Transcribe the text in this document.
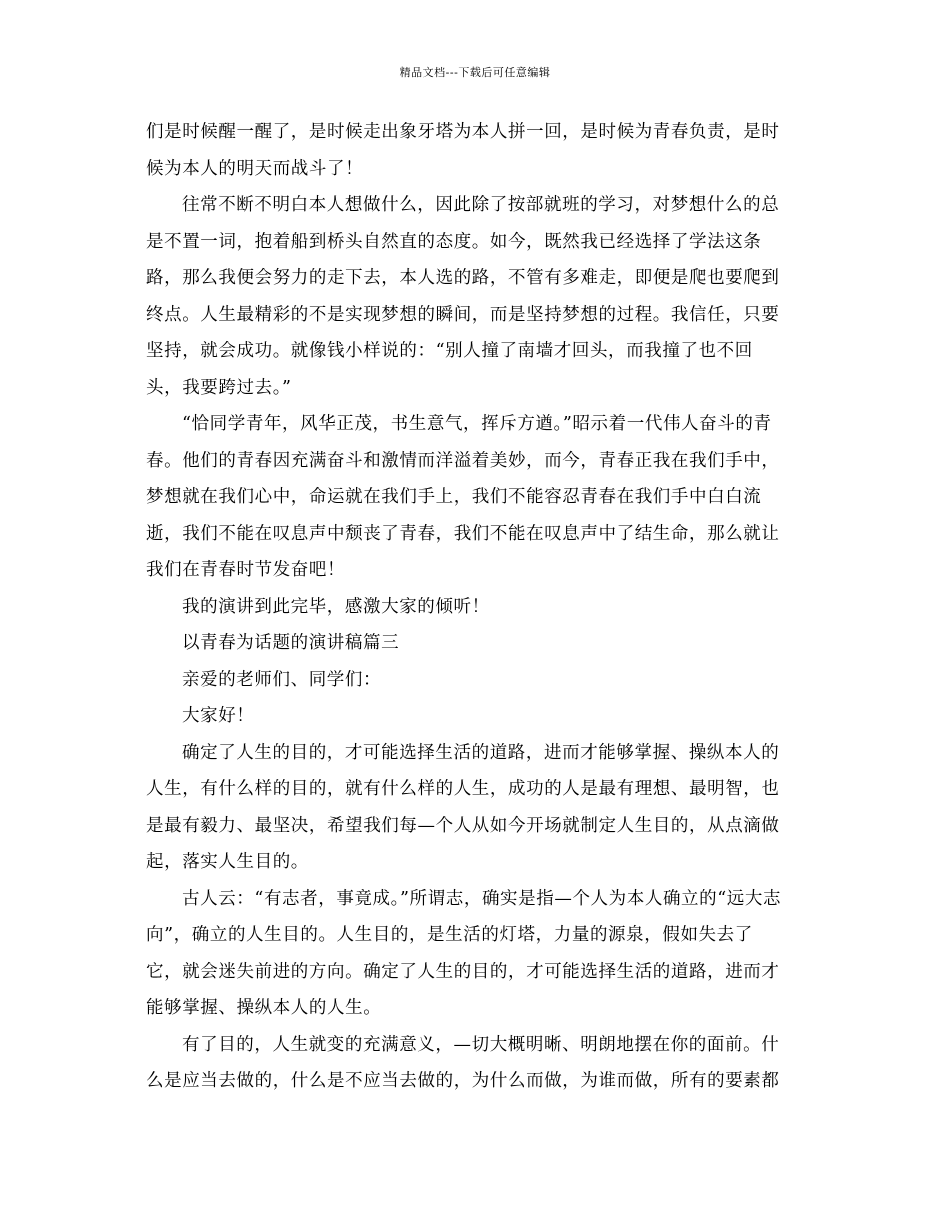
精品文档---下载后可任意编辑
们是时候醒一醒了，是时候走出象牙塔为本人拼一回，是时候为青春负责，是时
候为本人的明天而战斗了！
往常不断不明白本人想做什么，因此除了按部就班的学习，对梦想什么的总
是不置一词，抱着船到桥头自然直的态度。如今，既然我已经选择了学法这条
路，那么我便会努力的走下去，本人选的路，不管有多难走，即便是爬也要爬到
终点。人生最精彩的不是实现梦想的瞬间，而是坚持梦想的过程。我信任，只要
坚持，就会成功。就像钱小样说的：“别人撞了南墙才回头，而我撞了也不回
头，我要跨过去。”
“恰同学青年，风华正茂，书生意气，挥斥方遒。”昭示着一代伟人奋斗的青
春。他们的青春因充满奋斗和激情而洋溢着美妙，而今，青春正我在我们手中，
梦想就在我们心中，命运就在我们手上，我们不能容忍青春在我们手中白白流
逝，我们不能在叹息声中颓丧了青春，我们不能在叹息声中了结生命，那么就让
我们在青春时节发奋吧！
我的演讲到此完毕，感激大家的倾听！
以青春为话题的演讲稿篇三
亲爱的老师们、同学们：
大家好！
确定了人生的目的，才可能选择生活的道路，进而才能够掌握、操纵本人的
人生，有什么样的目的，就有什么样的人生，成功的人是最有理想、最明智，也
是最有毅力、最坚决，希望我们每—个人从如今开场就制定人生目的，从点滴做
起，落实人生目的。
古人云：“有志者，事竟成。”所谓志，确实是指—个人为本人确立的“远大志
向”，确立的人生目的。人生目的，是生活的灯塔，力量的源泉，假如失去了
它，就会迷失前进的方向。确定了人生的目的，才可能选择生活的道路，进而才
能够掌握、操纵本人的人生。
有了目的，人生就变的充满意义，—切大概明晰、明朗地摆在你的面前。什
么是应当去做的，什么是不应当去做的，为什么而做，为谁而做，所有的要素都
